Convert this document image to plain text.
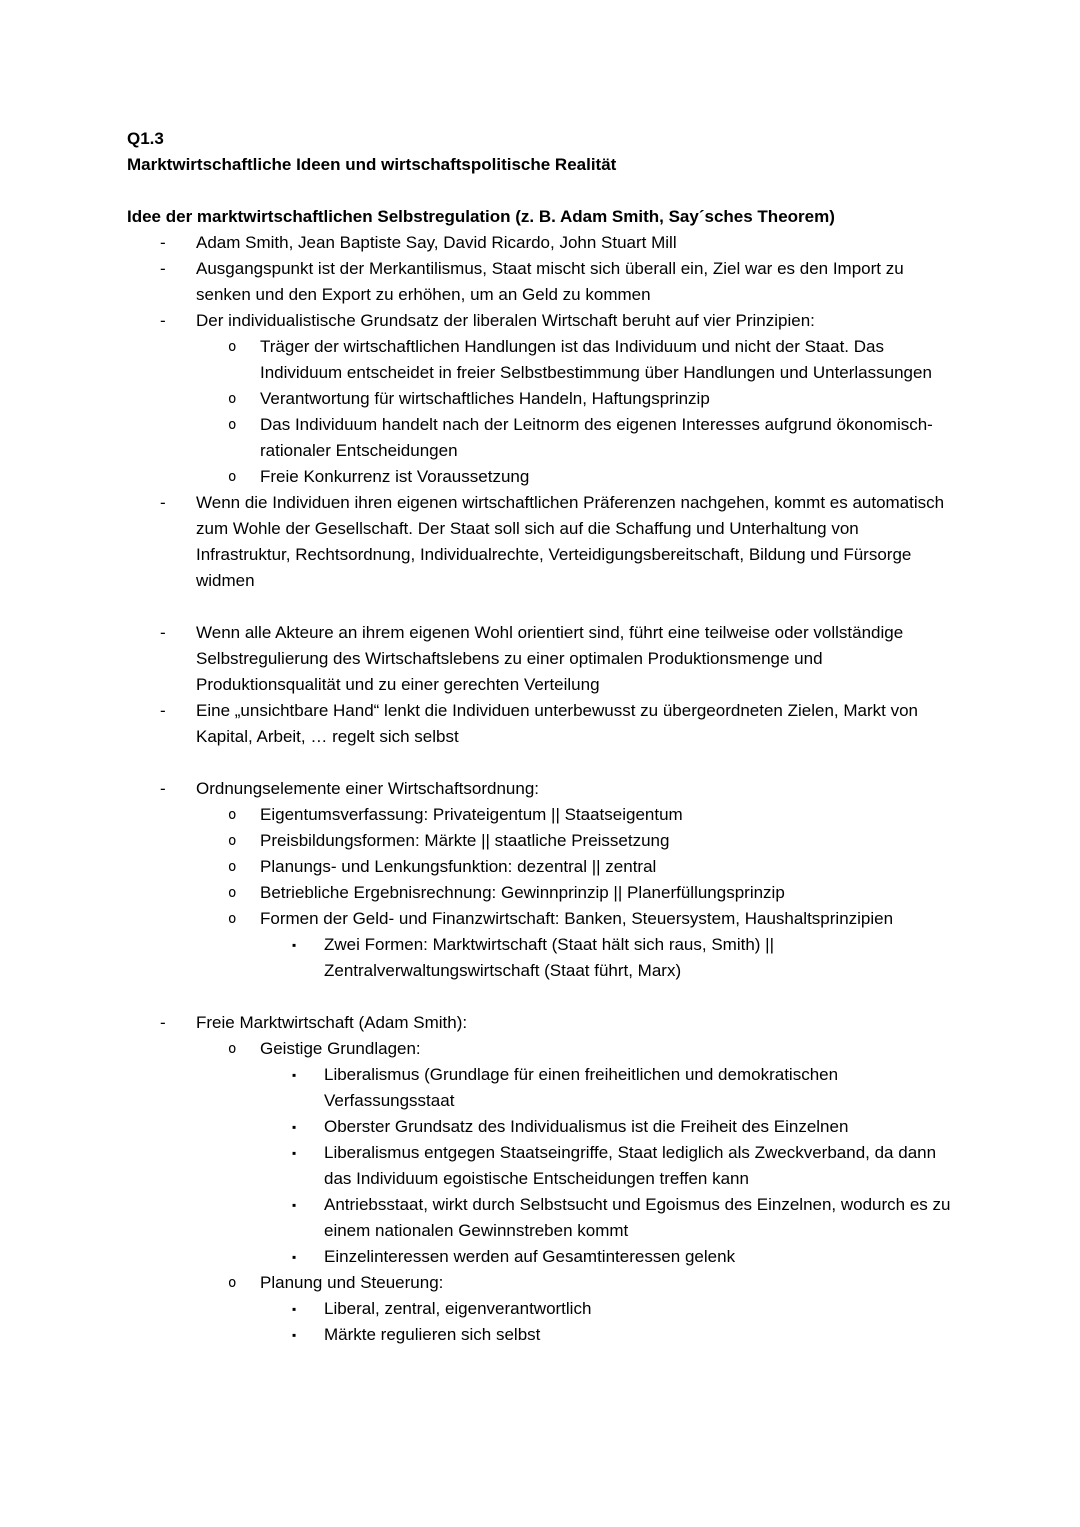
Q1.3
Marktwirtschaftliche Ideen und wirtschaftspolitische Realität
Idee der marktwirtschaftlichen Selbstregulation (z. B. Adam Smith, Say´sches Theorem)
-	Adam Smith, Jean Baptiste Say, David Ricardo, John Stuart Mill
-	Ausgangspunkt ist der Merkantilismus, Staat mischt sich überall ein, Ziel war es den Import zu senken und den Export zu erhöhen, um an Geld zu kommen
-	Der individualistische Grundsatz der liberalen Wirtschaft beruht auf vier Prinzipien:
o	Träger der wirtschaftlichen Handlungen ist das Individuum und nicht der Staat. Das Individuum entscheidet in freier Selbstbestimmung über Handlungen und Unterlassungen
o	Verantwortung für wirtschaftliches Handeln, Haftungsprinzip
o	Das Individuum handelt nach der Leitnorm des eigenen Interesses aufgrund ökonomisch- rationaler Entscheidungen
o	Freie Konkurrenz ist Voraussetzung
-	Wenn die Individuen ihren eigenen wirtschaftlichen Präferenzen nachgehen, kommt es automatisch zum Wohle der Gesellschaft. Der Staat soll sich auf die Schaffung und Unterhaltung von Infrastruktur, Rechtsordnung, Individualrechte, Verteidigungsbereitschaft, Bildung und Fürsorge widmen
-	Wenn alle Akteure an ihrem eigenen Wohl orientiert sind, führt eine teilweise oder vollständige Selbstregulierung des Wirtschaftslebens zu einer optimalen Produktionsmenge und Produktionsqualität und zu einer gerechten Verteilung
-	Eine „unsichtbare Hand“ lenkt die Individuen unterbewusst zu übergeordneten Zielen, Markt von Kapital, Arbeit, … regelt sich selbst
-	Ordnungselemente einer Wirtschaftsordnung:
o	Eigentumsverfassung: Privateigentum || Staatseigentum
o	Preisbildungsformen: Märkte || staatliche Preissetzung
o	Planungs- und Lenkungsfunktion: dezentral || zentral
o	Betriebliche Ergebnisrechnung: Gewinnprinzip || Planerfüllungsprinzip
o	Formen der Geld- und Finanzwirtschaft: Banken, Steuersystem, Haushaltsprinzipien
▪	Zwei Formen: Marktwirtschaft (Staat hält sich raus, Smith) || Zentralverwaltungswirtschaft (Staat führt, Marx)
-	Freie Marktwirtschaft (Adam Smith):
o	Geistige Grundlagen:
▪	Liberalismus (Grundlage für einen freiheitlichen und demokratischen Verfassungsstaat
▪	Oberster Grundsatz des Individualismus ist die Freiheit des Einzelnen
▪	Liberalismus entgegen Staatseingriffe, Staat lediglich als Zweckverband, da dann das Individuum egoistische Entscheidungen treffen kann
▪	Antriebsstaat, wirkt durch Selbstsucht und Egoismus des Einzelnen, wodurch es zu einem nationalen Gewinnstreben kommt
▪	Einzelinteressen werden auf Gesamtinteressen gelenk
o	Planung und Steuerung:
▪	Liberal, zentral, eigenverantwortlich
▪	Märkte regulieren sich selbst
